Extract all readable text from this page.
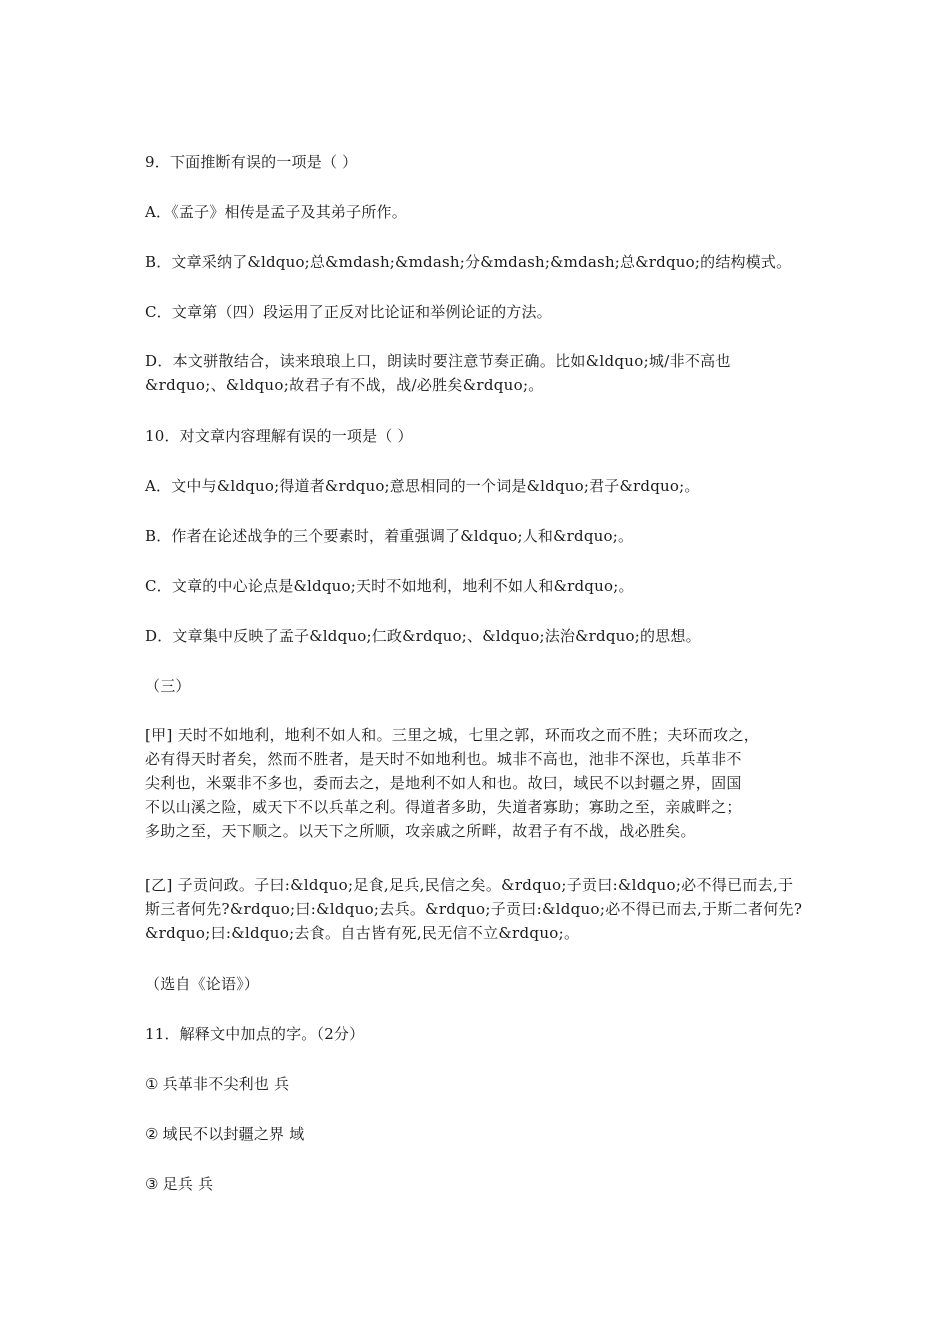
9．下面推断有误的一项是（ ）
A．《孟子》相传是孟子及其弟子所作。
B．文章采纳了&ldquo;总&mdash;&mdash;分&mdash;&mdash;总&rdquo;的结构模式。
C．文章第（四）段运用了正反对比论证和举例论证的方法。
D．本文骈散结合，读来琅琅上口，朗读时要注意节奏正确。比如&ldquo;城/非不高也
&rdquo;、&ldquo;故君子有不战，战/必胜矣&rdquo;。
10．对文章内容理解有误的一项是（ ）
A．文中与&ldquo;得道者&rdquo;意思相同的一个词是&ldquo;君子&rdquo;。
B．作者在论述战争的三个要素时，着重强调了&ldquo;人和&rdquo;。
C．文章的中心论点是&ldquo;天时不如地利，地利不如人和&rdquo;。
D．文章集中反映了孟子&ldquo;仁政&rdquo;、&ldquo;法治&rdquo;的思想。
（三）
[甲] 天时不如地利，地利不如人和。三里之城，七里之郭，环而攻之而不胜；夫环而攻之，
必有得天时者矣，然而不胜者，是天时不如地利也。城非不高也，池非不深也，兵革非不
尖利也，米粟非不多也，委而去之，是地利不如人和也。故曰，域民不以封疆之界，固国
不以山溪之险，威天下不以兵革之利。得道者多助，失道者寡助；寡助之至，亲戚畔之；
多助之至，天下顺之。以天下之所顺，攻亲戚之所畔，故君子有不战，战必胜矣。
[乙] 子贡问政。子曰:&ldquo;足食,足兵,民信之矣。&rdquo;子贡曰:&ldquo;必不得已而去,于
斯三者何先?&rdquo;曰:&ldquo;去兵。&rdquo;子贡曰:&ldquo;必不得已而去,于斯二者何先?
&rdquo;曰:&ldquo;去食。自古皆有死,民无信不立&rdquo;。
（选自《论语》）
11．解释文中加点的字。（2分）
① 兵革非不尖利也 兵
② 域民不以封疆之界 域
③ 足兵 兵
